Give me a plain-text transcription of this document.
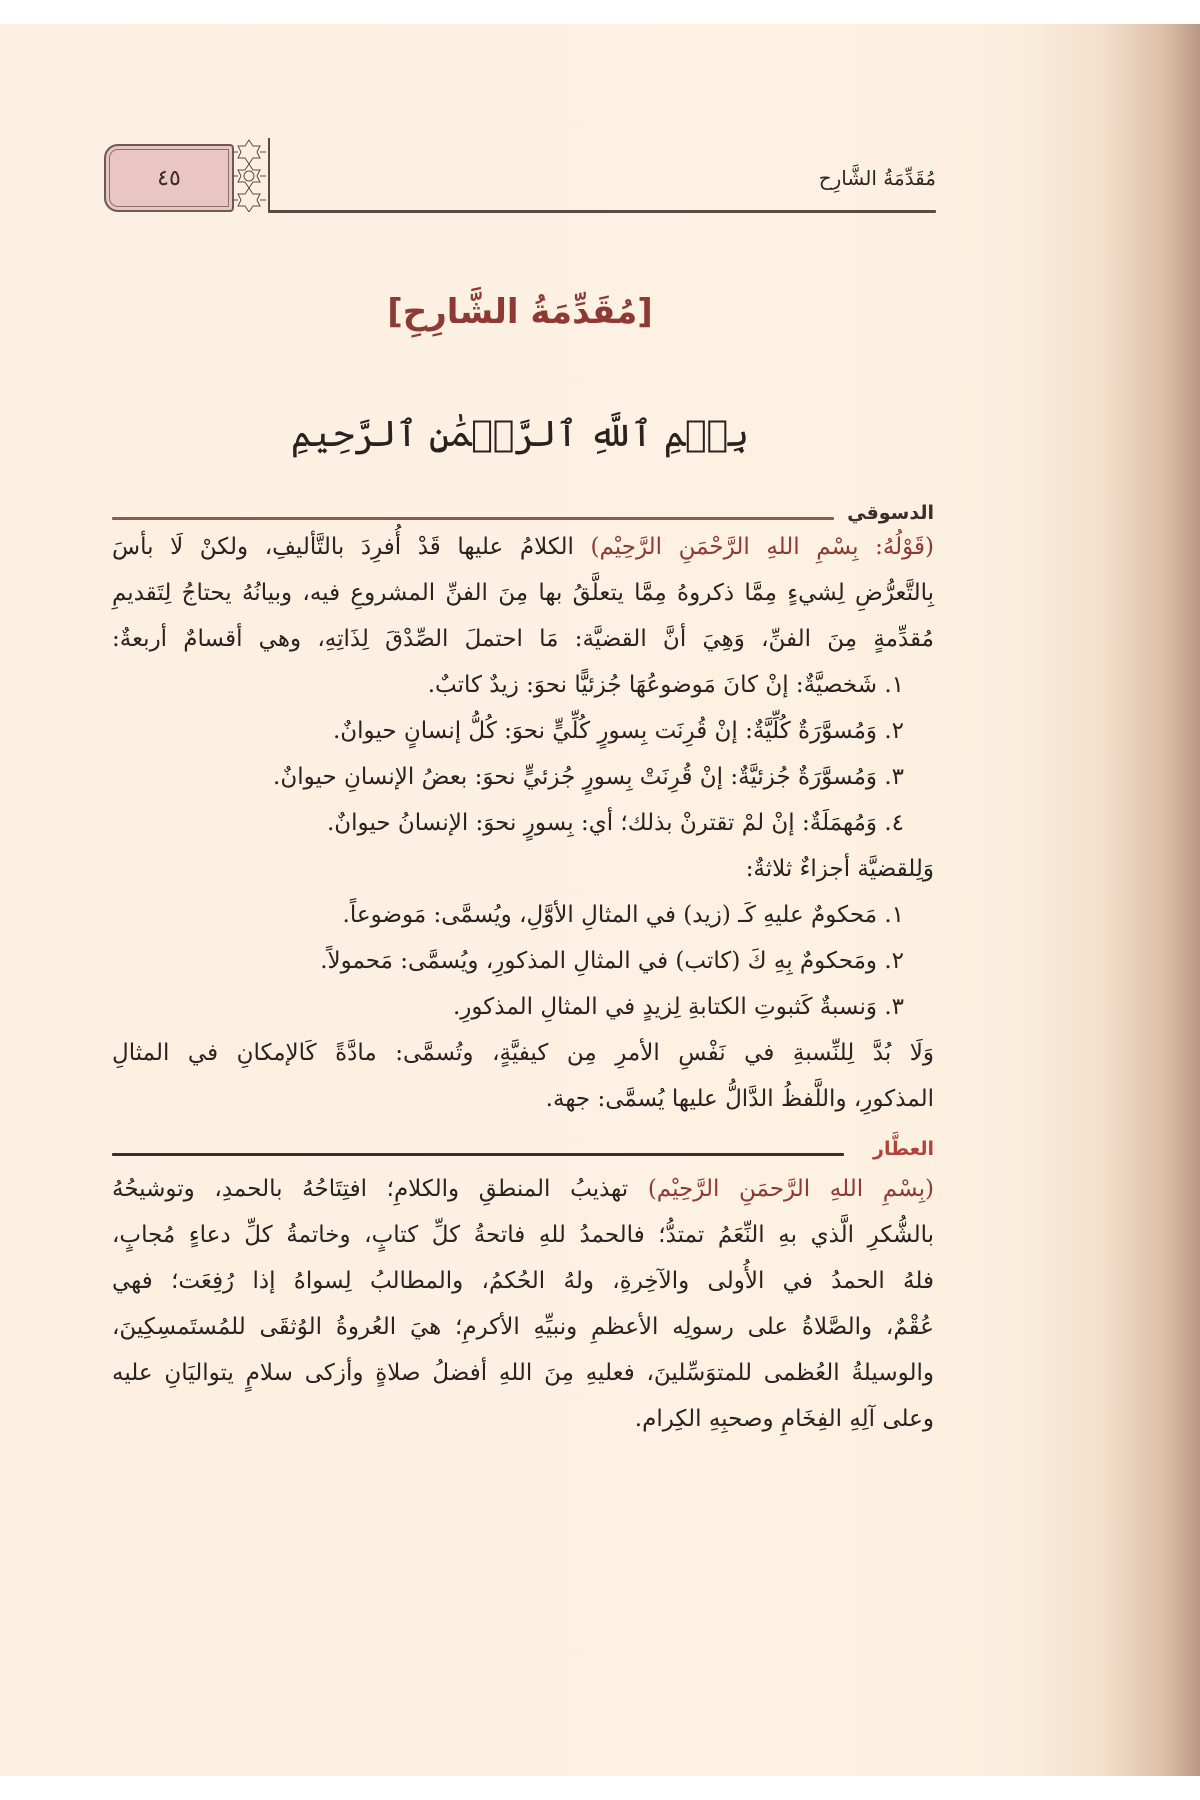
٤٥	مُقَدِّمَةُ الشَّارِح
[مُقَدِّمَةُ الشَّارِحِ]
بِسۡمِ ٱللَّهِ ٱلرَّحۡمَٰنِ ٱلرَّحِيمِ
الدسوقي
(قَوْلُهُ: بِسْمِ اللهِ الرَّحْمَنِ الرَّحِيْم) الكلامُ عليها قَدْ أُفرِدَ بالتَّأليفِ، ولكنْ لَا بأسَ
بِالتَّعرُّضِ لِشيءٍ مِمَّا ذكروهُ مِمَّا يتعلَّقُ بها مِنَ الفنِّ المشروعِ فيه، وبيانُهُ يحتاجُ لِتَقديمِ
مُقدِّمةٍ مِنَ الفنِّ، وَهِيَ أنَّ القضيَّة: مَا احتملَ الصِّدْقَ لِذَاتِهِ، وهي أقسامٌ أربعةٌ:
١. شَخصيَّةٌ: إنْ كانَ مَوضوعُهَا جُزئيًّا نحوَ: زيدٌ كاتبٌ.
٢. وَمُسوَّرَةٌ كُلِّيَّةٌ: إنْ قُرِنَت بِسورٍ كُلِّيٍّ نحوَ: كُلُّ إنسانٍ حيوانٌ.
٣. وَمُسوَّرَةٌ جُزئيَّةٌ: إنْ قُرِنَتْ بِسورٍ جُزئيٍّ نحوَ: بعضُ الإنسانِ حيوانٌ.
٤. وَمُهمَلَةٌ: إنْ لمْ تقترنْ بذلك؛ أي: بِسورٍ نحوَ: الإنسانُ حيوانٌ.
وَلِلقضيَّة أجزاءٌ ثلاثةٌ:
١. مَحكومٌ عليهِ كَـ (زيد) في المثالِ الأوَّلِ، ويُسمَّى: مَوضوعاً.
٢. ومَحكومٌ بِهِ كَ (كاتب) في المثالِ المذكورِ، ويُسمَّى: مَحمولاً.
٣. وَنسبةٌ كَثبوتِ الكتابةِ لِزيدٍ في المثالِ المذكورِ.
وَلَا بُدَّ لِلنِّسبةِ في نَفْسِ الأمرِ مِن كيفيَّةٍ، وتُسمَّى: مادَّةً كَالإمكانِ في المثالِ
المذكورِ، واللَّفظُ الدَّالُّ عليها يُسمَّى: جهة.
العطَّار
(بِسْمِ اللهِ الرَّحمَنِ الرَّحِيْم) تهذيبُ المنطقِ والكلامِ؛ افتِتَاحُهُ بالحمدِ، وتوشيحُهُ
بالشُّكرِ الَّذي بهِ النِّعَمُ تمتدُّ؛ فالحمدُ للهِ فاتحةُ كلِّ كتابٍ، وخاتمةُ كلِّ دعاءٍ مُجابٍ،
فلهُ الحمدُ في الأُولى والآخِرةِ، ولهُ الحُكمُ، والمطالبُ لِسواهُ إذا رُفِعَت؛ فهي
عُقْمٌ، والصَّلاةُ على رسولِه الأعظمِ ونبيِّهِ الأكرمِ؛ هيَ العُروةُ الوُثقَى للمُستَمسِكِينَ،
والوسيلةُ العُظمى للمتوَسِّلينَ، فعليهِ مِنَ اللهِ أفضلُ صلاةٍ وأزكى سلامٍ يتواليَانِ عليه
وعلى آلِهِ الفِخَامِ وصحبِهِ الكِرام.
